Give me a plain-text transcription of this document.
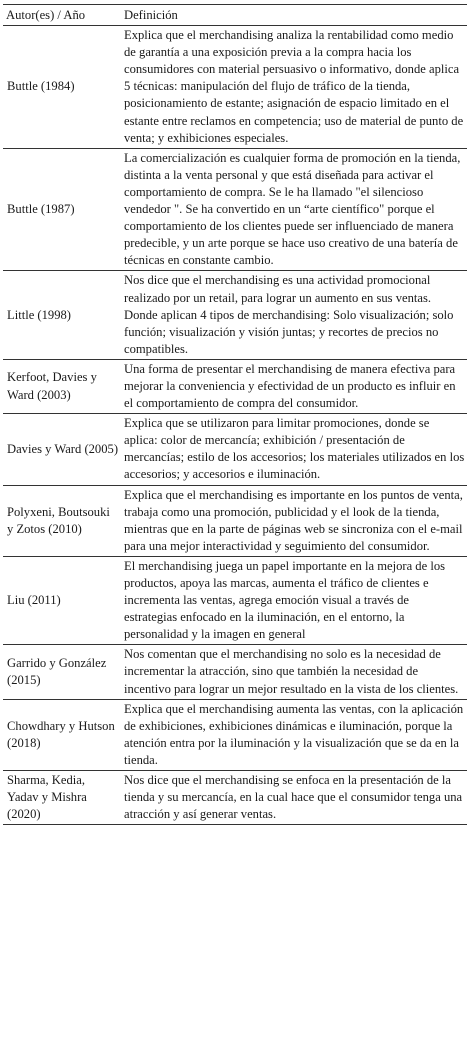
Autor(es) / Año	Definición
Buttle (1984)	Explica que el merchandising analiza la rentabilidad como medio de garantía a una exposición previa a la compra hacia los consumidores con material persuasivo o informativo, donde aplica 5 técnicas: manipulación del flujo de tráfico de la tienda, posicionamiento de estante; asignación de espacio limitado en el estante entre reclamos en competencia; uso de material de punto de venta; y exhibiciones especiales.
Buttle (1987)	La comercialización es cualquier forma de promoción en la tienda, distinta a la venta personal y que está diseñada para activar el comportamiento de compra. Se le ha llamado "el silencioso vendedor ". Se ha convertido en un “arte científico" porque el comportamiento de los clientes puede ser influenciado de manera predecible, y un arte porque se hace uso creativo de una batería de técnicas en constante cambio.
Little (1998)	Nos dice que el merchandising es una actividad promocional realizado por un retail, para lograr un aumento en sus ventas. Donde aplican 4 tipos de merchandising: Solo visualización; solo función; visualización y visión juntas; y recortes de precios no compatibles.
Kerfoot, Davies y Ward (2003)	Una forma de presentar el merchandising de manera efectiva para mejorar la conveniencia y efectividad de un producto es influir en el comportamiento de compra del consumidor.
Davies y Ward (2005)	Explica que se utilizaron para limitar promociones, donde se aplica: color de mercancía; exhibición / presentación de mercancías; estilo de los accesorios; los materiales utilizados en los accesorios; y accesorios e iluminación.
Polyxeni, Boutsouki y Zotos (2010)	Explica que el merchandising es importante en los puntos de venta, trabaja como una promoción, publicidad y el look de la tienda, mientras que en la parte de páginas web se sincroniza con el e-mail para una mejor interactividad y seguimiento del consumidor.
Liu (2011)	El merchandising juega un papel importante en la mejora de los productos, apoya las marcas, aumenta el tráfico de clientes e incrementa las ventas, agrega emoción visual a través de estrategias enfocado en la iluminación, en el entorno, la personalidad y la imagen en general
Garrido y González (2015)	Nos comentan que el merchandising no solo es la necesidad de incrementar la atracción, sino que también la necesidad de incentivo para lograr un mejor resultado en la vista de los clientes.
Chowdhary y Hutson (2018)	Explica que el merchandising aumenta las ventas, con la aplicación de exhibiciones, exhibiciones dinámicas e iluminación, porque la atención entra por la iluminación y la visualización que se da en la tienda.
Sharma, Kedia, Yadav y Mishra (2020)	Nos dice que el merchandising se enfoca en la presentación de la tienda y su mercancía, en la cual hace que el consumidor tenga una atracción y así generar ventas.
